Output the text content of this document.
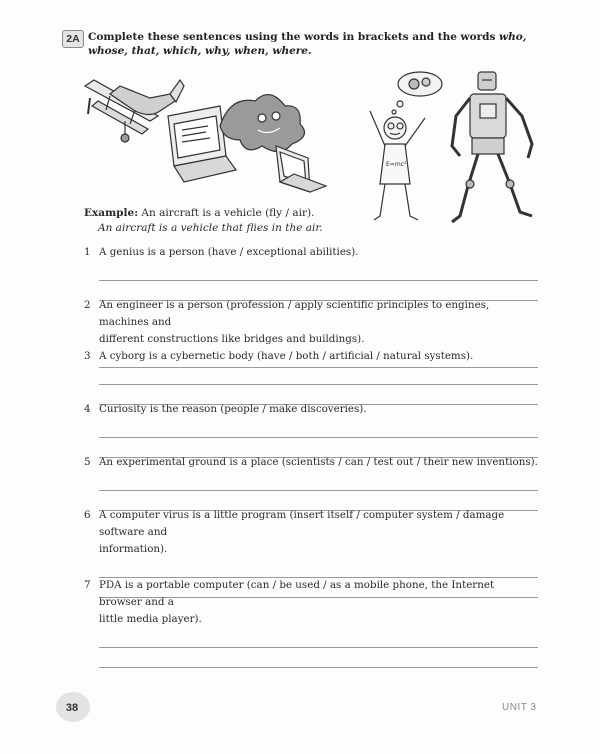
2A Complete these sentences using the words in brackets and the words who, whose, that, which, why, when, where.
E=mc²
Example: An aircraft is a vehicle (fly / air).
An aircraft is a vehicle that flies in the air.
1 A genius is a person (have / exceptional abilities).
2 An engineer is a person (profession / apply scientific principles to engines, machines and
different constructions like bridges and buildings).
3 A cyborg is a cybernetic body (have / both / artificial / natural systems).
4 Curiosity is the reason (people / make discoveries).
5 An experimental ground is a place (scientists / can / test out / their new inventions).
6 A computer virus is a little program (insert itself / computer system / damage software and
information).
7 PDA is a portable computer (can / be used / as a mobile phone, the Internet browser and a
little media player).
38	UNIT 3
